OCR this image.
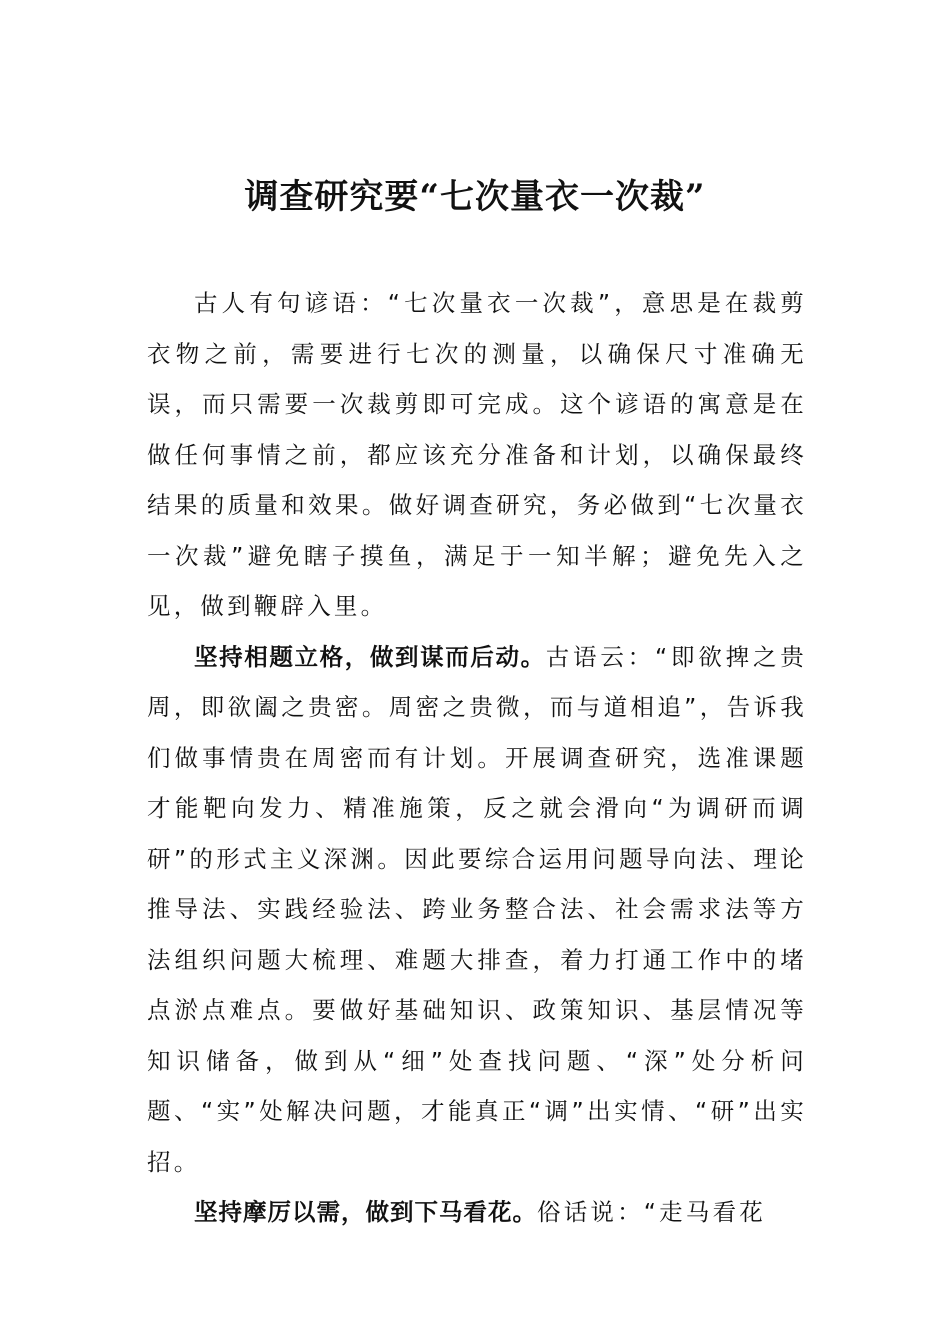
调查研究要“七次量衣一次裁”

古人有句谚语：“七次量衣一次裁”，意思是在裁剪衣物之前，需要进行七次的测量，以确保尺寸准确无误，而只需要一次裁剪即可完成。这个谚语的寓意是在做任何事情之前，都应该充分准备和计划，以确保最终结果的质量和效果。做好调查研究，务必做到“七次量衣一次裁”避免瞎子摸鱼，满足于一知半解；避免先入之见，做到鞭辟入里。

坚持相题立格，做到谋而后动。古语云：“即欲捭之贵周，即欲阖之贵密。周密之贵微，而与道相追”，告诉我们做事情贵在周密而有计划。开展调查研究，选准课题才能靶向发力、精准施策，反之就会滑向“为调研而调研”的形式主义深渊。因此要综合运用问题导向法、理论推导法、实践经验法、跨业务整合法、社会需求法等方法组织问题大梳理、难题大排查，着力打通工作中的堵点淤点难点。要做好基础知识、政策知识、基层情况等知识储备，做到从“细”处查找问题、“深”处分析问题、“实”处解决问题，才能真正“调”出实情、“研”出实招。

坚持摩厉以需，做到下马看花。俗话说：“走马看花
